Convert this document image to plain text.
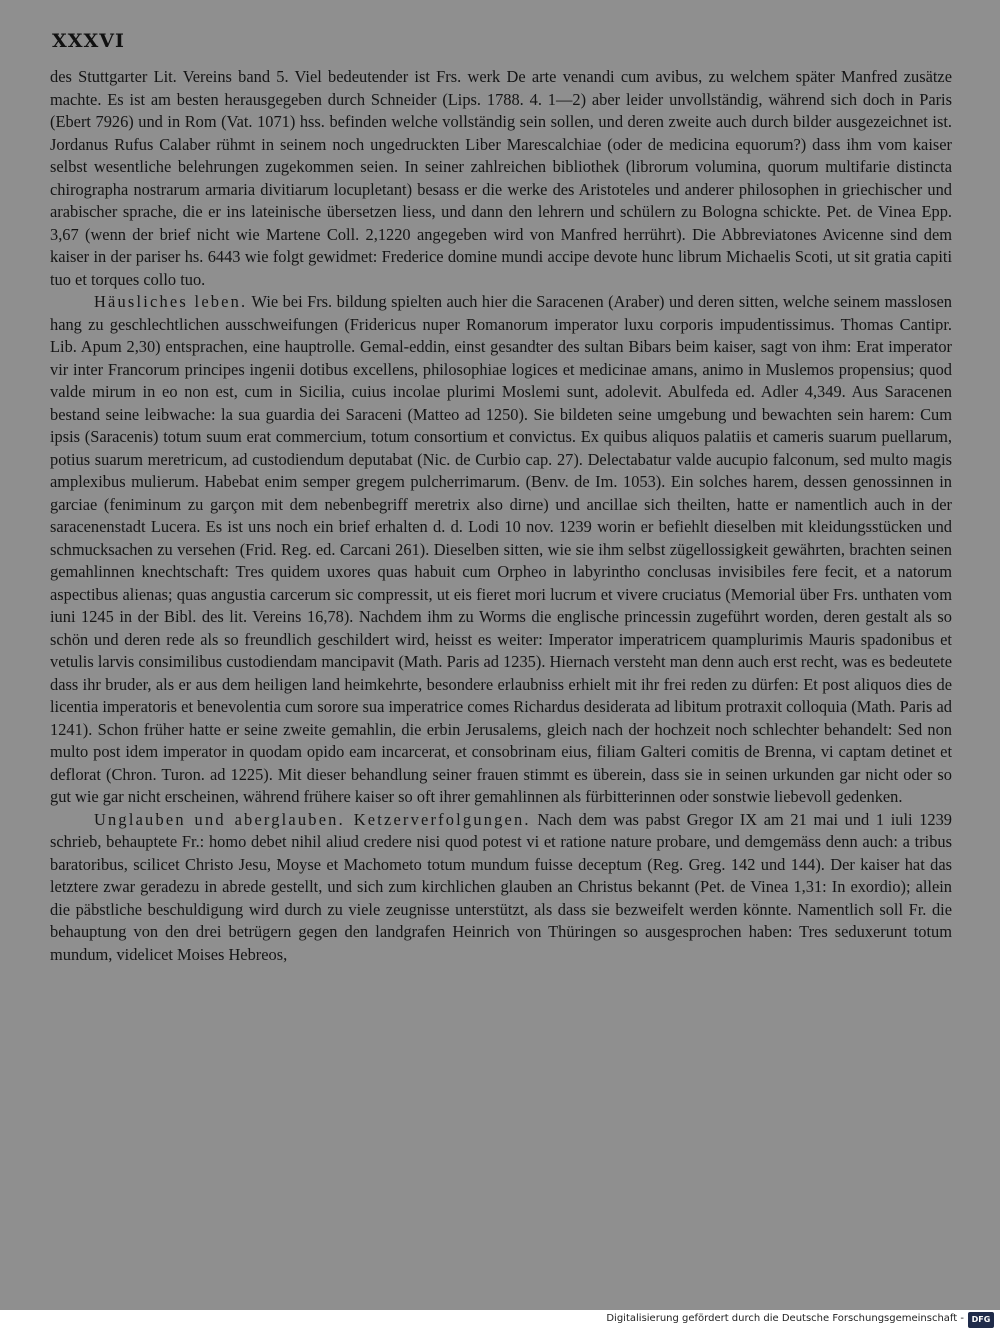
XXXVI

des Stuttgarter Lit. Vereins band 5. Viel bedeutender ist Frs. werk De arte venandi cum avibus, zu welchem später Manfred zusätze machte. Es ist am besten herausgegeben durch Schneider (Lips. 1788. 4. 1—2) aber leider unvollständig, während sich doch in Paris (Ebert 7926) und in Rom (Vat. 1071) hss. befinden welche vollständig sein sollen, und deren zweite auch durch bilder ausgezeichnet ist. Jordanus Rufus Calaber rühmt in seinem noch ungedruckten Liber Marescalchiae (oder de medicina equorum?) dass ihm vom kaiser selbst wesentliche belehrungen zugekommen seien. In seiner zahlreichen bibliothek (librorum volumina, quorum multifarie distincta chirographa nostrarum armaria divitiarum locupletant) besass er die werke des Aristoteles und anderer philosophen in griechischer und arabischer sprache, die er ins lateinische übersetzen liess, und dann den lehrern und schülern zu Bologna schickte. Pet. de Vinea Epp. 3,67 (wenn der brief nicht wie Martene Coll. 2,1220 angegeben wird von Manfred herrührt). Die Abbreviatones Avicenne sind dem kaiser in der pariser hs. 6443 wie folgt gewidmet: Frederice domine mundi accipe devote hunc librum Michaelis Scoti, ut sit gratia capiti tuo et torques collo tuo.

Häusliches leben. Wie bei Frs. bildung spielten auch hier die Saracenen (Araber) und deren sitten, welche seinem masslosen hang zu geschlechtlichen ausschweifungen (Fridericus nuper Romanorum imperator luxu corporis impudentissimus. Thomas Cantipr. Lib. Apum 2,30) entsprachen, eine hauptrolle. Gemal-eddin, einst gesandter des sultan Bibars beim kaiser, sagt von ihm: Erat imperator vir inter Francorum principes ingenii dotibus excellens, philosophiae logices et medicinae amans, animo in Muslemos propensius; quod valde mirum in eo non est, cum in Sicilia, cuius incolae plurimi Moslemi sunt, adolevit. Abulfeda ed. Adler 4,349. Aus Saracenen bestand seine leibwache: la sua guardia dei Saraceni (Matteo ad 1250). Sie bildeten seine umgebung und bewachten sein harem: Cum ipsis (Saracenis) totum suum erat commercium, totum consortium et convictus. Ex quibus aliquos palatiis et cameris suarum puellarum, potius suarum meretricum, ad custodiendum deputabat (Nic. de Curbio cap. 27). Delectabatur valde aucupio falconum, sed multo magis amplexibus mulierum. Habebat enim semper gregem pulcherrimarum. (Benv. de Im. 1053). Ein solches harem, dessen genossinnen in garciae (feniminum zu garçon mit dem nebenbegriff meretrix also dirne) und ancillae sich theilten, hatte er namentlich auch in der saracenenstadt Lucera. Es ist uns noch ein brief erhalten d. d. Lodi 10 nov. 1239 worin er befiehlt dieselben mit kleidungsstücken und schmucksachen zu versehen (Frid. Reg. ed. Carcani 261). Dieselben sitten, wie sie ihm selbst zügellossigkeit gewährten, brachten seinen gemahlinnen knechtschaft: Tres quidem uxores quas habuit cum Orpheo in labyrintho conclusas invisibiles fere fecit, et a natorum aspectibus alienas; quas angustia carcerum sic compressit, ut eis fieret mori lucrum et vivere cruciatus (Memorial über Frs. unthaten vom iuni 1245 in der Bibl. des lit. Vereins 16,78). Nachdem ihm zu Worms die englische princessin zugeführt worden, deren gestalt als so schön und deren rede als so freundlich geschildert wird, heisst es weiter: Imperator imperatricem quamplurimis Mauris spadonibus et vetulis larvis consimilibus custodiendam mancipavit (Math. Paris ad 1235). Hiernach versteht man denn auch erst recht, was es bedeutete dass ihr bruder, als er aus dem heiligen land heimkehrte, besondere erlaubniss erhielt mit ihr frei reden zu dürfen: Et post aliquos dies de licentia imperatoris et benevolentia cum sorore sua imperatrice comes Richardus desiderata ad libitum protraxit colloquia (Math. Paris ad 1241). Schon früher hatte er seine zweite gemahlin, die erbin Jerusalems, gleich nach der hochzeit noch schlechter behandelt: Sed non multo post idem imperator in quodam opido eam incarcerat, et consobrinam eius, filiam Galteri comitis de Brenna, vi captam detinet et deflorat (Chron. Turon. ad 1225). Mit dieser behandlung seiner frauen stimmt es überein, dass sie in seinen urkunden gar nicht oder so gut wie gar nicht erscheinen, während frühere kaiser so oft ihrer gemahlinnen als fürbitterinnen oder sonstwie liebevoll gedenken.

Unglauben und aberglauben. Ketzerverfolgungen. Nach dem was pabst Gregor IX am 21 mai und 1 iuli 1239 schrieb, behauptete Fr.: homo debet nihil aliud credere nisi quod potest vi et ratione nature probare, und demgemäss denn auch: a tribus baratoribus, scilicet Christo Jesu, Moyse et Machometo totum mundum fuisse deceptum (Reg. Greg. 142 und 144). Der kaiser hat das letztere zwar geradezu in abrede gestellt, und sich zum kirchlichen glauben an Christus bekannt (Pet. de Vinea 1,31: In exordio); allein die päbstliche beschuldigung wird durch zu viele zeugnisse unterstützt, als dass sie bezweifelt werden könnte. Namentlich soll Fr. die behauptung von den drei betrügern gegen den landgrafen Heinrich von Thüringen so ausgesprochen haben: Tres seduxerunt totum mundum, videlicet Moises Hebreos,

Digitalisierung gefördert durch die Deutsche Forschungsgemeinschaft - DFG
